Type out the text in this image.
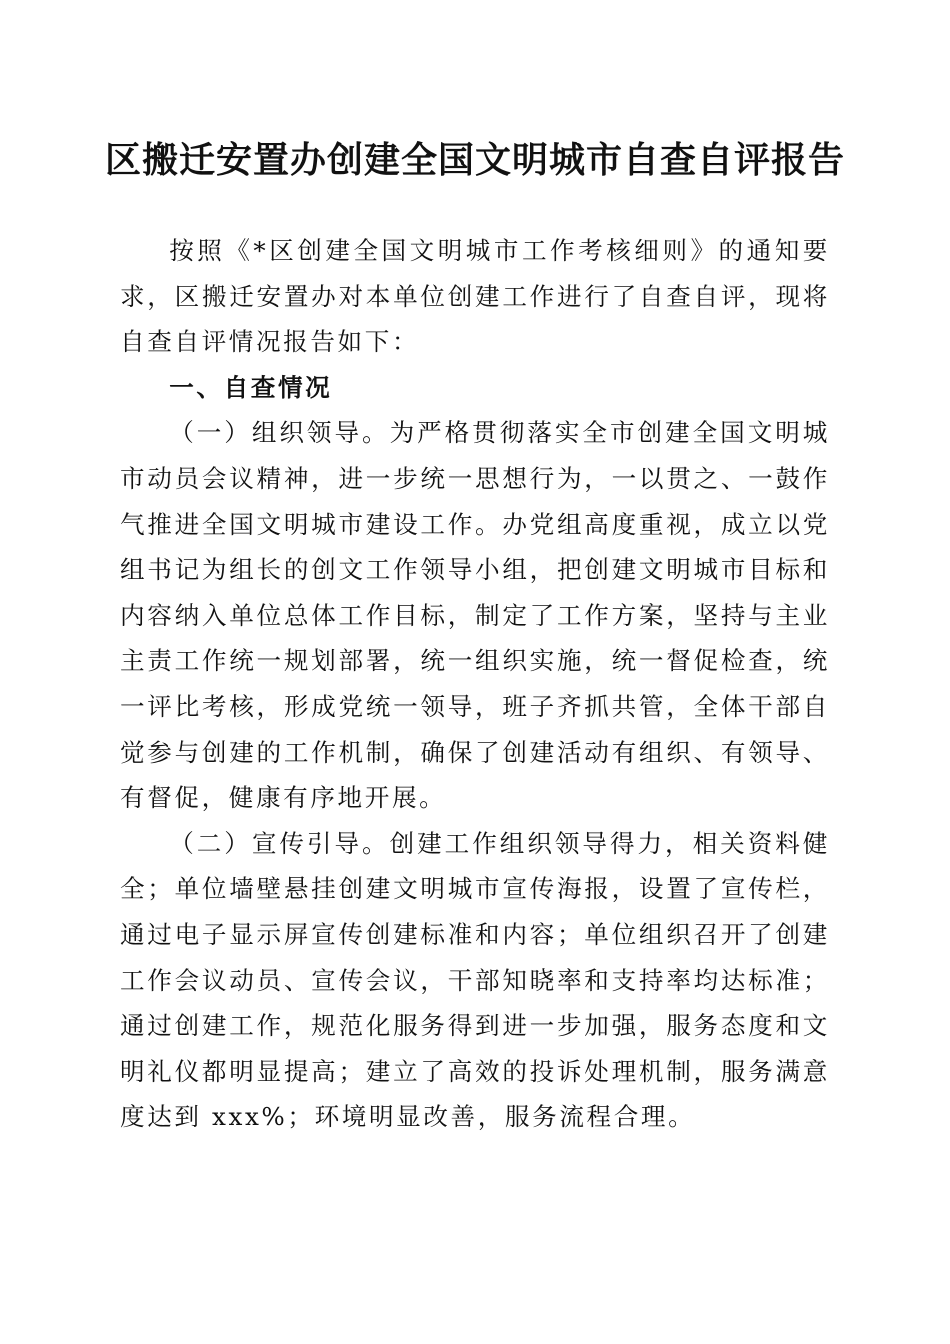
区搬迁安置办创建全国文明城市自查自评报告

按照《*区创建全国文明城市工作考核细则》的通知要求，区搬迁安置办对本单位创建工作进行了自查自评，现将自查自评情况报告如下：

一、自查情况

（一）组织领导。为严格贯彻落实全市创建全国文明城市动员会议精神，进一步统一思想行为，一以贯之、一鼓作气推进全国文明城市建设工作。办党组高度重视，成立以党组书记为组长的创文工作领导小组，把创建文明城市目标和内容纳入单位总体工作目标，制定了工作方案，坚持与主业主责工作统一规划部署，统一组织实施，统一督促检查，统一评比考核，形成党统一领导，班子齐抓共管，全体干部自觉参与创建的工作机制，确保了创建活动有组织、有领导、有督促，健康有序地开展。

（二）宣传引导。创建工作组织领导得力，相关资料健全；单位墙壁悬挂创建文明城市宣传海报，设置了宣传栏，通过电子显示屏宣传创建标准和内容；单位组织召开了创建工作会议动员、宣传会议，干部知晓率和支持率均达标准；通过创建工作，规范化服务得到进一步加强，服务态度和文明礼仪都明显提高；建立了高效的投诉处理机制，服务满意度达到 xxx%；环境明显改善，服务流程合理。
